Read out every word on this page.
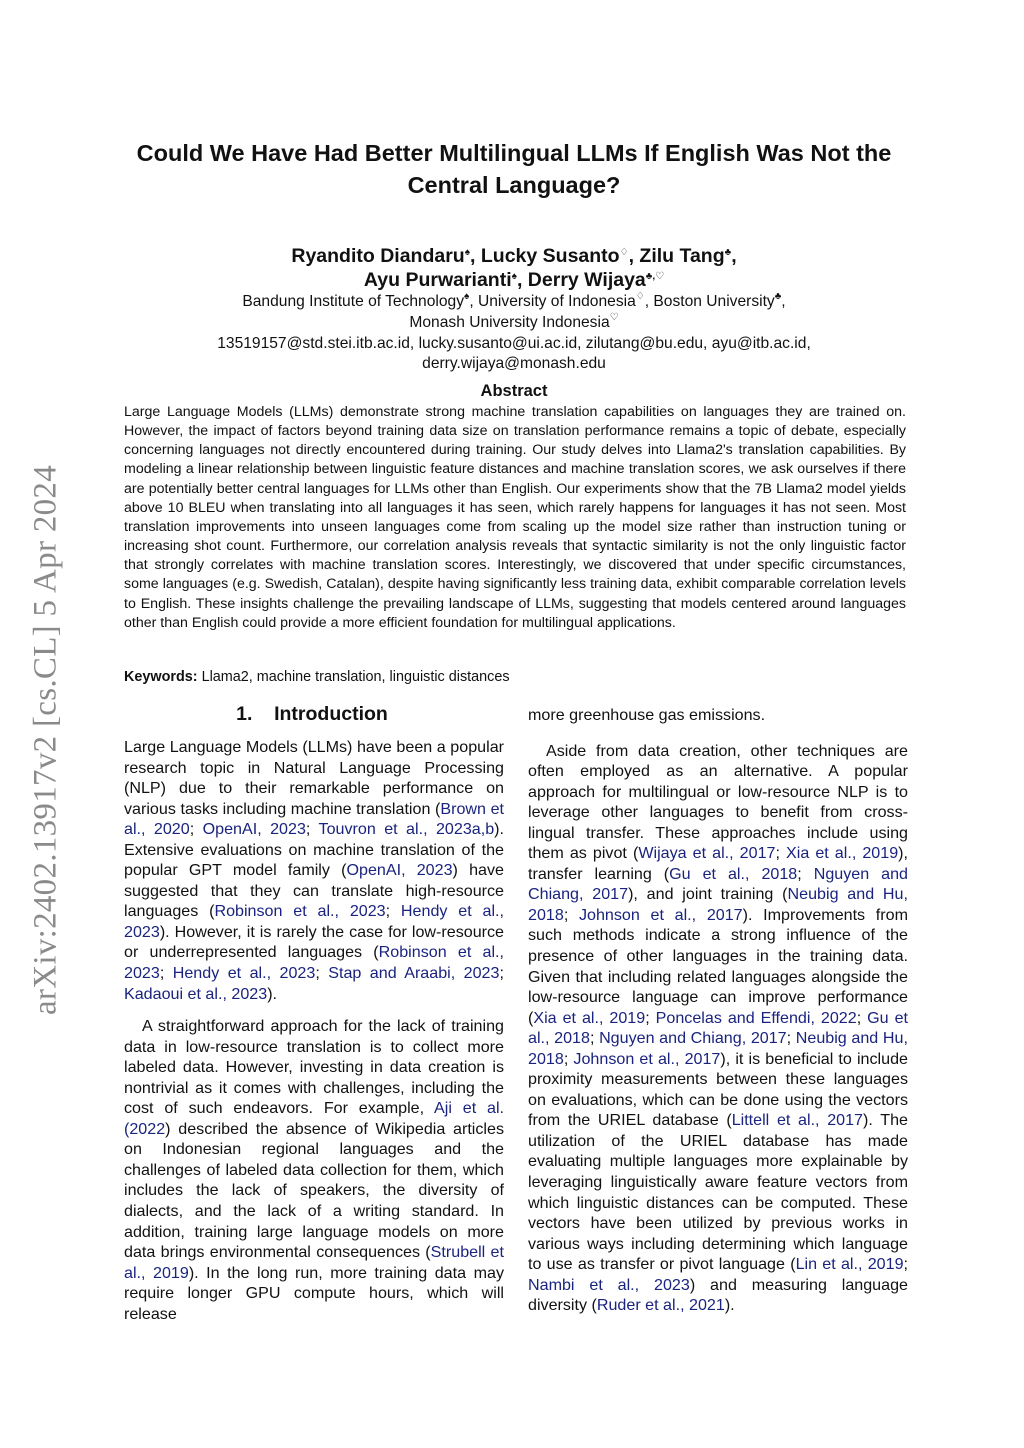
arXiv:2402.13917v2 [cs.CL] 5 Apr 2024
Could We Have Had Better Multilingual LLMs If English Was Not the
Central Language?
Ryandito Diandaru♠, Lucky Susanto♢, Zilu Tang♣,
Ayu Purwarianti♠, Derry Wijaya♣,♡
Bandung Institute of Technology♠, University of Indonesia♢, Boston University♣,
Monash University Indonesia♡
13519157@std.stei.itb.ac.id, lucky.susanto@ui.ac.id, zilutang@bu.edu, ayu@itb.ac.id,
derry.wijaya@monash.edu
Abstract

Large Language Models (LLMs) demonstrate strong machine translation capabilities on languages they are trained on. However, the impact of factors beyond training data size on translation performance remains a topic of debate, especially concerning languages not directly encountered during training. Our study delves into Llama2's translation capabilities. By modeling a linear relationship between linguistic feature distances and machine translation scores, we ask ourselves if there are potentially better central languages for LLMs other than English. Our experiments show that the 7B Llama2 model yields above 10 BLEU when translating into all languages it has seen, which rarely happens for languages it has not seen. Most translation improvements into unseen languages come from scaling up the model size rather than instruction tuning or increasing shot count. Furthermore, our correlation analysis reveals that syntactic similarity is not the only linguistic factor that strongly correlates with machine translation scores. Interestingly, we discovered that under specific circumstances, some languages (e.g. Swedish, Catalan), despite having significantly less training data, exhibit comparable correlation levels to English. These insights challenge the prevailing landscape of LLMs, suggesting that models centered around languages other than English could provide a more efficient foundation for multilingual applications.

Keywords: Llama2, machine translation, linguistic distances
1. Introduction

Large Language Models (LLMs) have been a popular research topic in Natural Language Processing (NLP) due to their remarkable performance on various tasks including machine translation (Brown et al., 2020; OpenAI, 2023; Touvron et al., 2023a,b). Extensive evaluations on machine translation of the popular GPT model family (OpenAI, 2023) have suggested that they can translate high-resource languages (Robinson et al., 2023; Hendy et al., 2023). However, it is rarely the case for low-resource or underrepresented languages (Robinson et al., 2023; Hendy et al., 2023; Stap and Araabi, 2023; Kadaoui et al., 2023).

A straightforward approach for the lack of training data in low-resource translation is to collect more labeled data. However, investing in data creation is nontrivial as it comes with challenges, including the cost of such endeavors. For example, Aji et al. (2022) described the absence of Wikipedia articles on Indonesian regional languages and the challenges of labeled data collection for them, which includes the lack of speakers, the diversity of dialects, and the lack of a writing standard. In addition, training large language models on more data brings environmental consequences (Strubell et al., 2019). In the long run, more training data may require longer GPU compute hours, which will release

more greenhouse gas emissions.

Aside from data creation, other techniques are often employed as an alternative. A popular approach for multilingual or low-resource NLP is to leverage other languages to benefit from cross-lingual transfer. These approaches include using them as pivot (Wijaya et al., 2017; Xia et al., 2019), transfer learning (Gu et al., 2018; Nguyen and Chiang, 2017), and joint training (Neubig and Hu, 2018; Johnson et al., 2017). Improvements from such methods indicate a strong influence of the presence of other languages in the training data. Given that including related languages alongside the low-resource language can improve performance (Xia et al., 2019; Poncelas and Effendi, 2022; Gu et al., 2018; Nguyen and Chiang, 2017; Neubig and Hu, 2018; Johnson et al., 2017), it is beneficial to include proximity measurements between these languages on evaluations, which can be done using the vectors from the URIEL database (Littell et al., 2017). The utilization of the URIEL database has made evaluating multiple languages more explainable by leveraging linguistically aware feature vectors from which linguistic distances can be computed. These vectors have been utilized by previous works in various ways including determining which language to use as transfer or pivot language (Lin et al., 2019; Nambi et al., 2023) and measuring language diversity (Ruder et al., 2021).
